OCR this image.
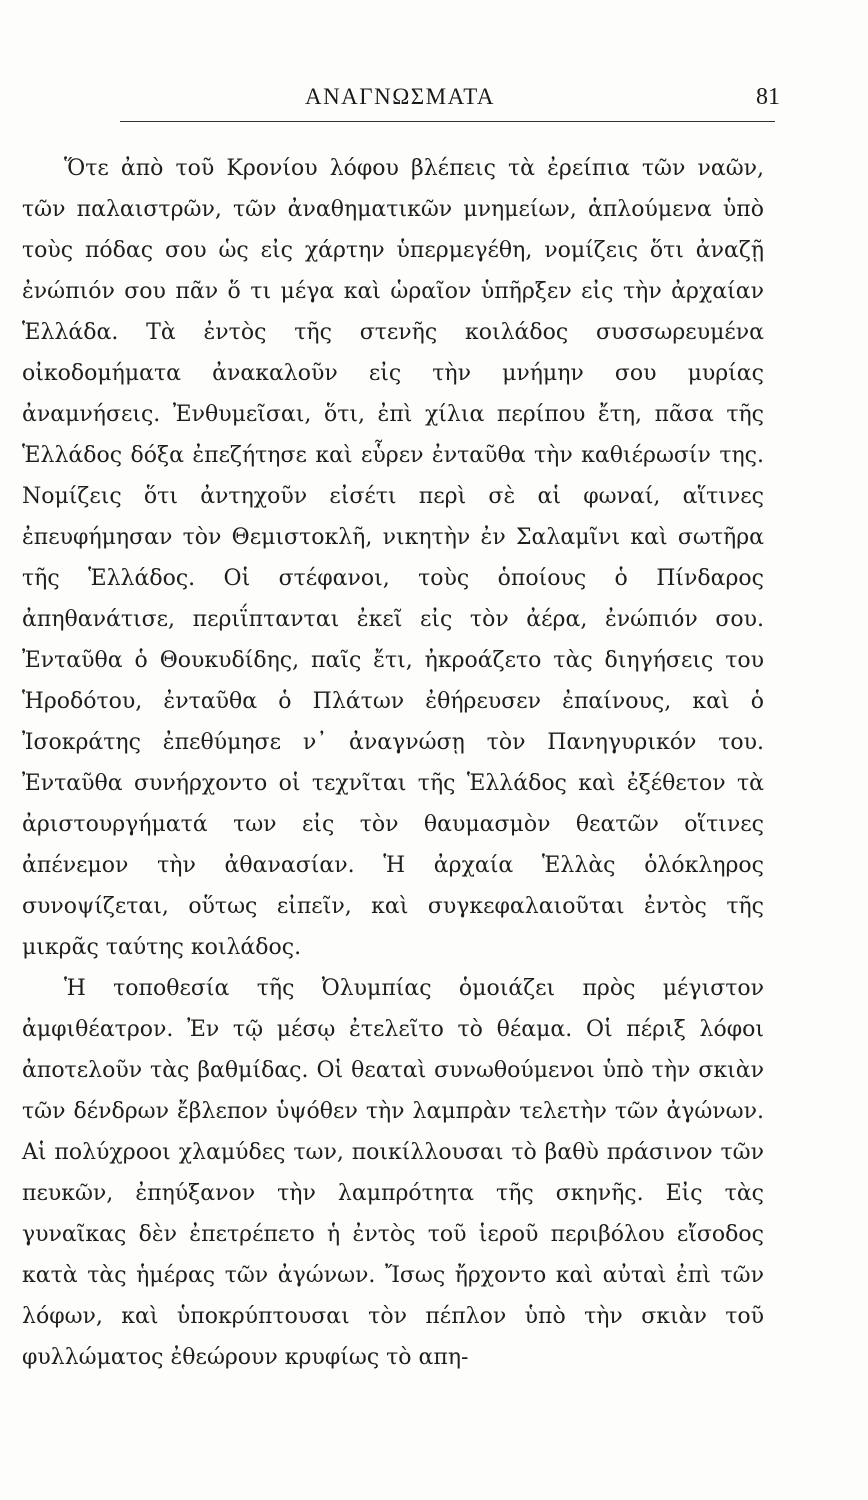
ΑΝΑΓΝΩΣΜΑΤΑ	81

Ὅτε ἀπὸ τοῦ Κρονίου λόφου βλέπεις τὰ ἐρείπια τῶν ναῶν, τῶν παλαιστρῶν, τῶν ἀναθηματικῶν μνημείων, ἁπλούμενα ὑπὸ τοὺς πόδας σου ὡς εἰς χάρτην ὑπερμεγέθη, νομίζεις ὅτι ἀναζῇ ἐνώπιόν σου πᾶν ὅ τι μέγα καὶ ὡραῖον ὑπῆρξεν εἰς τὴν ἀρχαίαν Ἑλλάδα. Τὰ ἐντὸς τῆς στενῆς κοιλάδος συσσωρευμένα οἰκοδομήματα ἀνακαλοῦν εἰς τὴν μνήμην σου μυρίας ἀναμνήσεις. Ἐνθυμεῖσαι, ὅτι, ἐπὶ χίλια περίπου ἔτη, πᾶσα τῆς Ἑλλάδος δόξα ἐπεζήτησε καὶ εὗρεν ἐνταῦθα τὴν καθιέρωσίν της. Νομίζεις ὅτι ἀντηχοῦν εἰσέτι περὶ σὲ αἱ φωναί, αἵτινες ἐπευφήμησαν τὸν Θεμιστοκλῆ, νικητὴν ἐν Σαλαμῖνι καὶ σωτῆρα τῆς Ἑλλάδος. Οἱ στέφανοι, τοὺς ὁποίους ὁ Πίνδαρος ἀπηθανάτισε, περιΐπτανται ἐκεῖ εἰς τὸν ἀέρα, ἐνώπιόν σου. Ἐνταῦθα ὁ Θουκυδίδης, παῖς ἔτι, ἠκροάζετο τὰς διηγήσεις του Ἡροδότου, ἐνταῦθα ὁ Πλάτων ἐθήρευσεν ἐπαίνους, καὶ ὁ Ἰσοκράτης ἐπεθύμησε ν᾽ ἀναγνώσῃ τὸν Πανηγυρικόν του. Ἐνταῦθα συνήρχοντο οἱ τεχνῖται τῆς Ἑλλάδος καὶ ἐξέθετον τὰ ἀριστουργήματά των εἰς τὸν θαυμασμὸν θεατῶν οἵτινες ἀπένεμον τὴν ἀθανασίαν. Ἡ ἀρχαία Ἑλλὰς ὁλόκληρος συνοψίζεται, οὕτως εἰπεῖν, καὶ συγκεφαλαιοῦται ἐντὸς τῆς μικρᾶς ταύτης κοιλάδος.

Ἡ τοποθεσία τῆς Ὀλυμπίας ὁμοιάζει πρὸς μέγιστον ἀμφιθέατρον. Ἐν τῷ μέσῳ ἐτελεῖτο τὸ θέαμα. Οἱ πέριξ λόφοι ἀποτελοῦν τὰς βαθμίδας. Οἱ θεαταὶ συνωθούμενοι ὑπὸ τὴν σκιὰν τῶν δένδρων ἔβλεπον ὑψόθεν τὴν λαμπρὰν τελετὴν τῶν ἀγώνων. Αἱ πολύχροοι χλαμύδες των, ποικίλλουσαι τὸ βαθὺ πράσινον τῶν πευκῶν, ἐπηύξανον τὴν λαμπρότητα τῆς σκηνῆς. Εἰς τὰς γυναῖκας δὲν ἐπετρέπετο ἡ ἐντὸς τοῦ ἱεροῦ περιβόλου εἴσοδος κατὰ τὰς ἡμέρας τῶν ἀγώνων. Ἴσως ἤρχοντο καὶ αὐταὶ ἐπὶ τῶν λόφων, καὶ ὑποκρύπτουσαι τὸν πέπλον ὑπὸ τὴν σκιὰν τοῦ φυλλώματος ἐθεώρουν κρυφίως τὸ απη-
